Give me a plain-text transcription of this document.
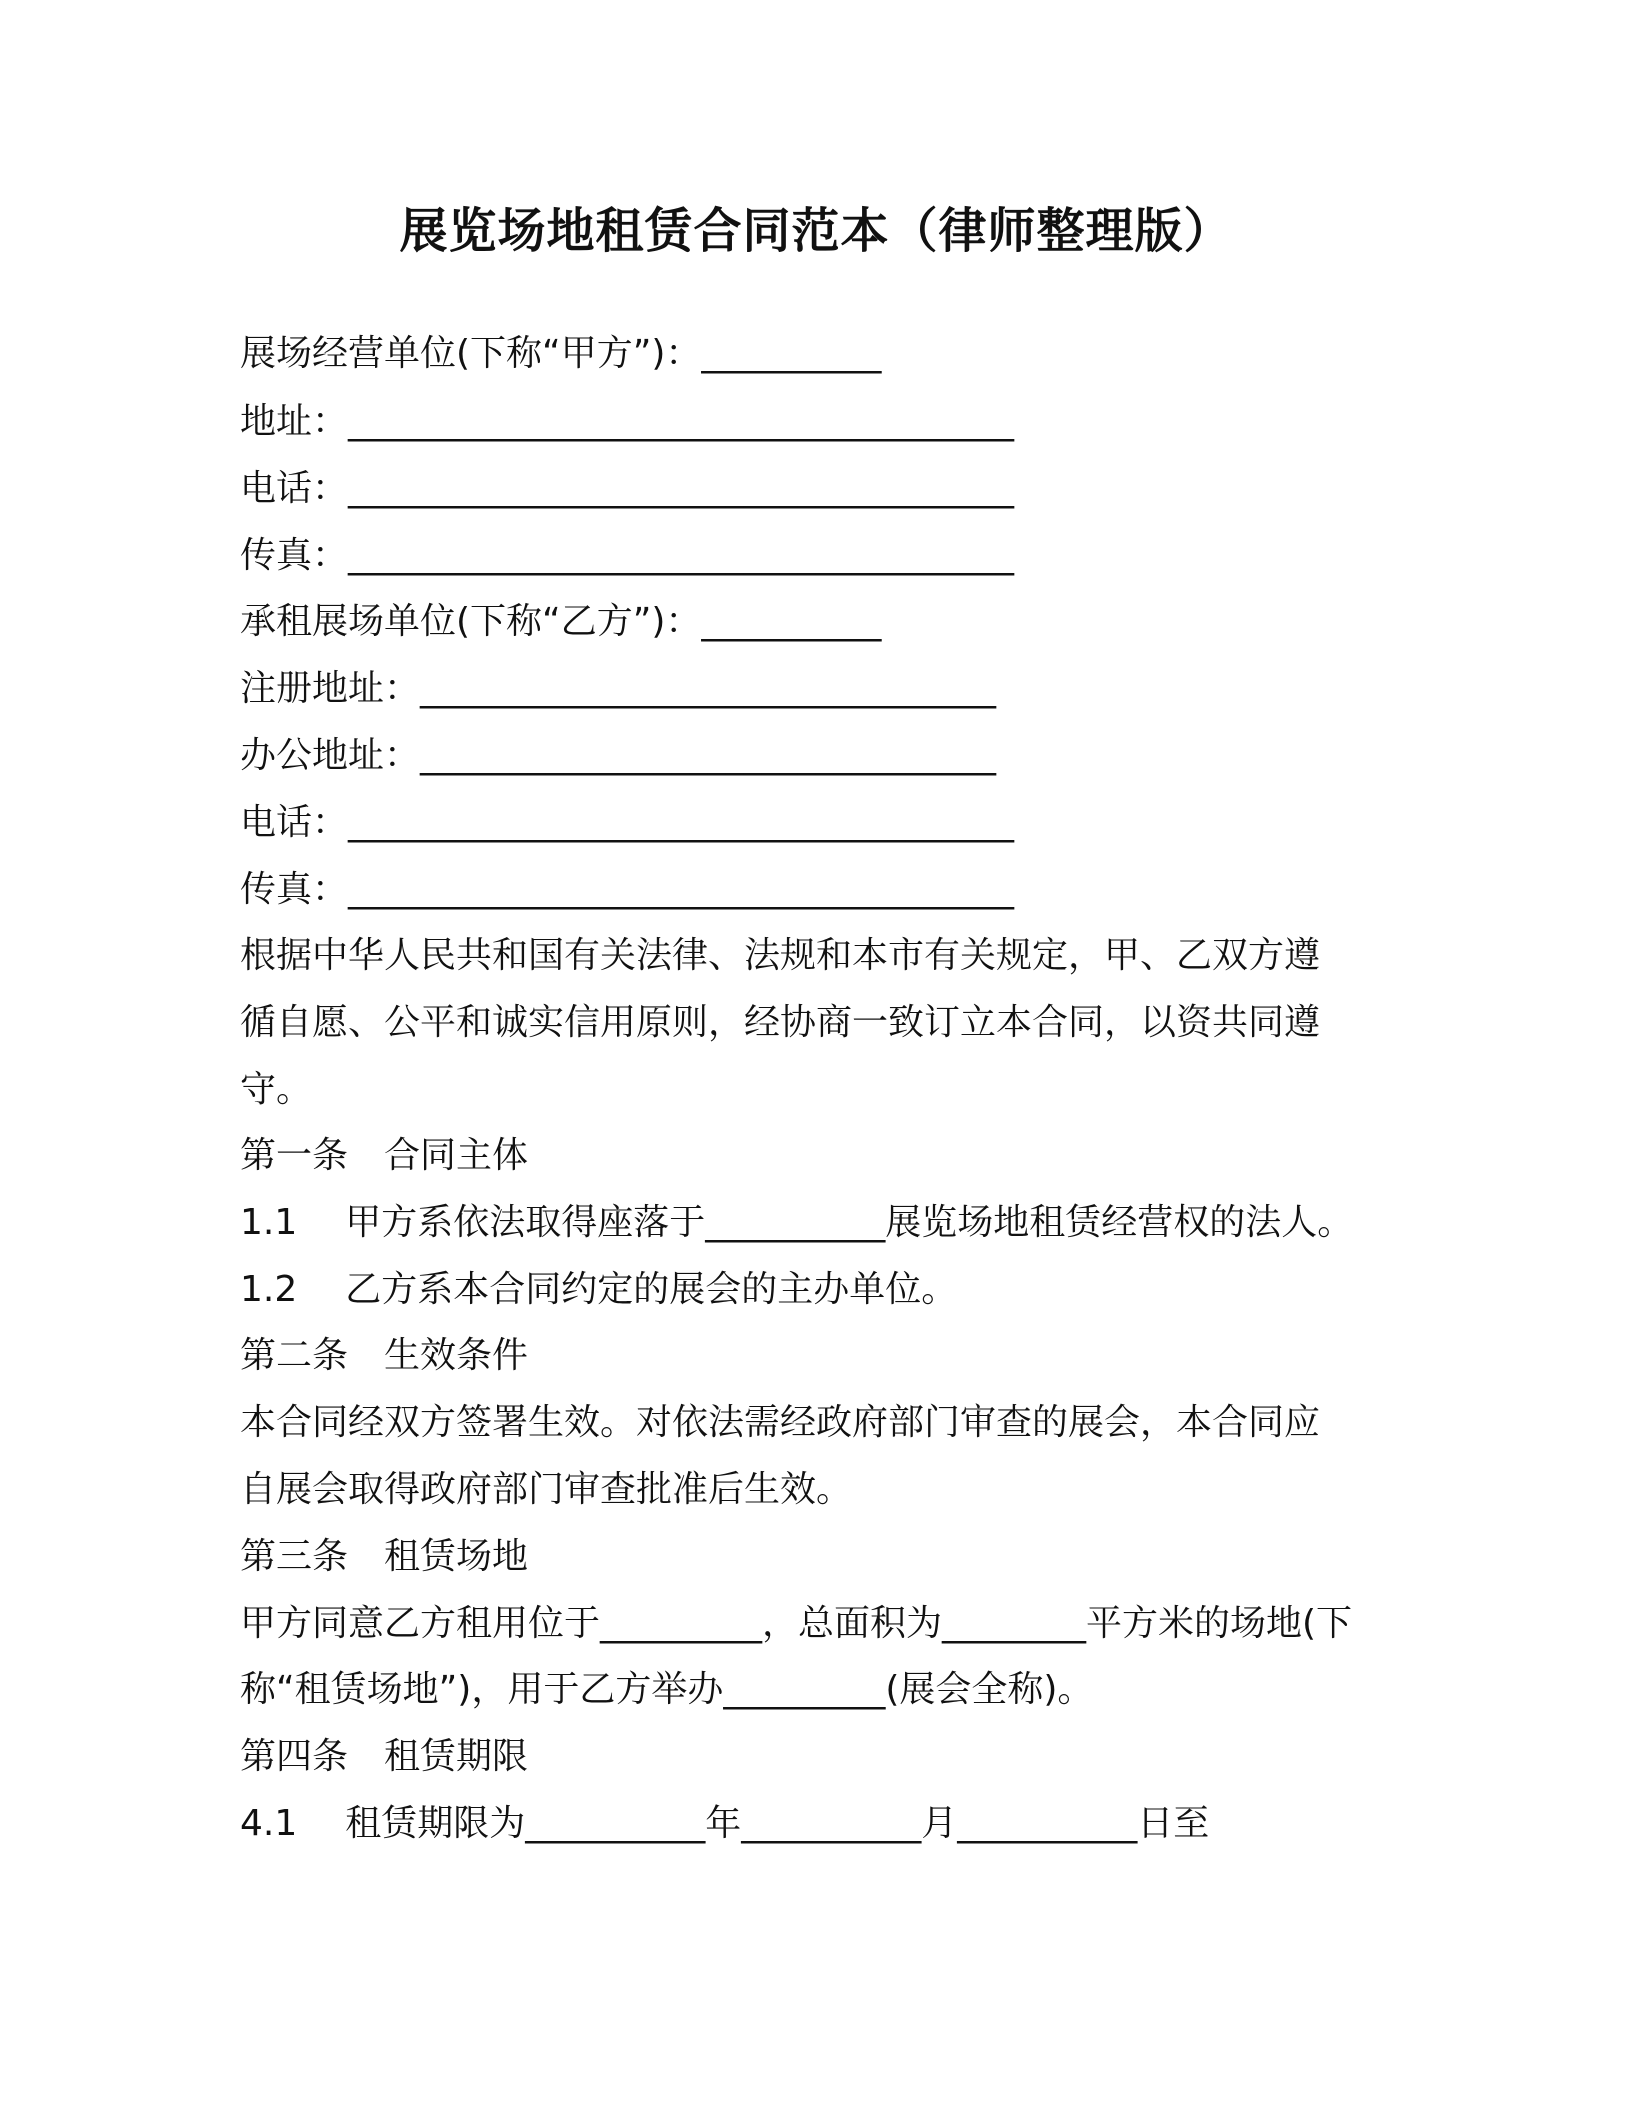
展览场地租赁合同范本（律师整理版）
展场经营单位(下称“甲方”)：__________
地址：_____________________________________
电话：_____________________________________
传真：_____________________________________
承租展场单位(下称“乙方”)：__________
注册地址：________________________________
办公地址：________________________________
电话：_____________________________________
传真：_____________________________________
根据中华人民共和国有关法律、法规和本市有关规定，甲、乙双方遵
循自愿、公平和诚实信用原则，经协商一致订立本合同，以资共同遵
守。
第一条 合同主体
1.1 甲方系依法取得座落于__________展览场地租赁经营权的法人。
1.2 乙方系本合同约定的展会的主办单位。
第二条 生效条件
本合同经双方签署生效。对依法需经政府部门审查的展会，本合同应
自展会取得政府部门审查批准后生效。
第三条 租赁场地
甲方同意乙方租用位于_________，总面积为________平方米的场地(下
称“租赁场地”)，用于乙方举办_________(展会全称)。
第四条 租赁期限
4.1 租赁期限为__________年__________月__________日至
